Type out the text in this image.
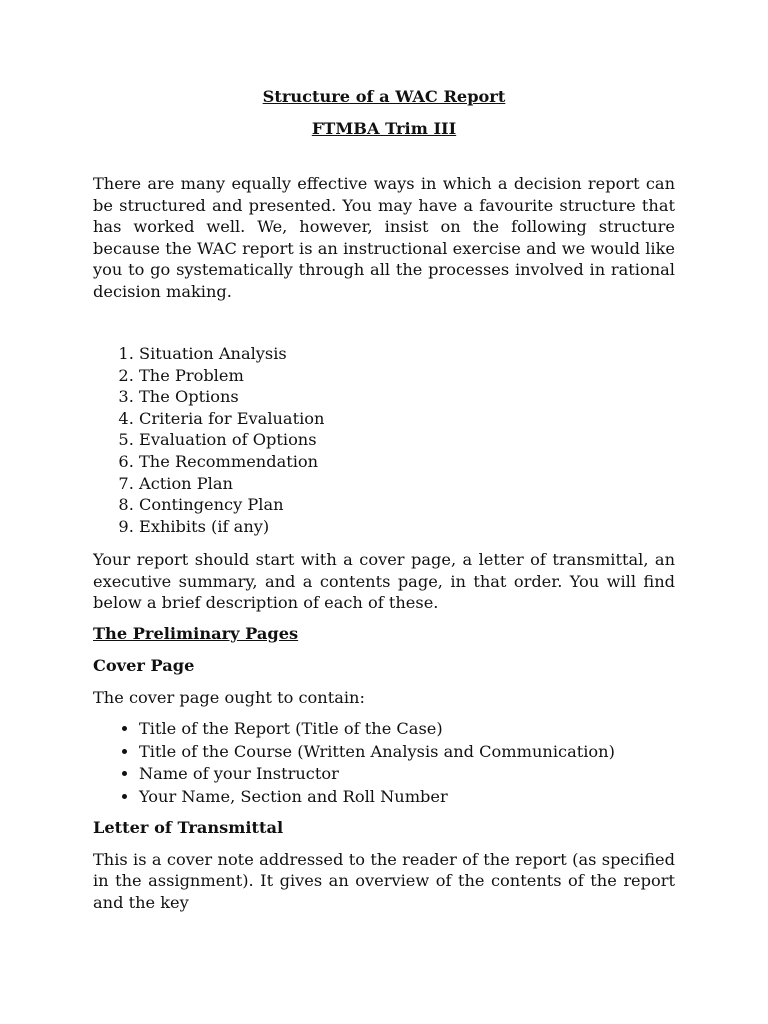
Structure of a WAC Report

FTMBA Trim III

There are many equally effective ways in which a decision report can be structured and presented. You may have a favourite structure that has worked well. We, however, insist on the following structure because the WAC report is an instructional exercise and we would like you to go systematically through all the processes involved in rational decision making.

1. Situation Analysis
2. The Problem
3. The Options
4. Criteria for Evaluation
5. Evaluation of Options
6. The Recommendation
7. Action Plan
8. Contingency Plan
9. Exhibits (if any)

Your report should start with a cover page, a letter of transmittal, an executive summary, and a contents page, in that order. You will find below a brief description of each of these.

The Preliminary Pages

Cover Page

The cover page ought to contain:

• Title of the Report (Title of the Case)
• Title of the Course (Written Analysis and Communication)
• Name of your Instructor
• Your Name, Section and Roll Number

Letter of Transmittal

This is a cover note addressed to the reader of the report (as specified in the assignment). It gives an overview of the contents of the report and the key
